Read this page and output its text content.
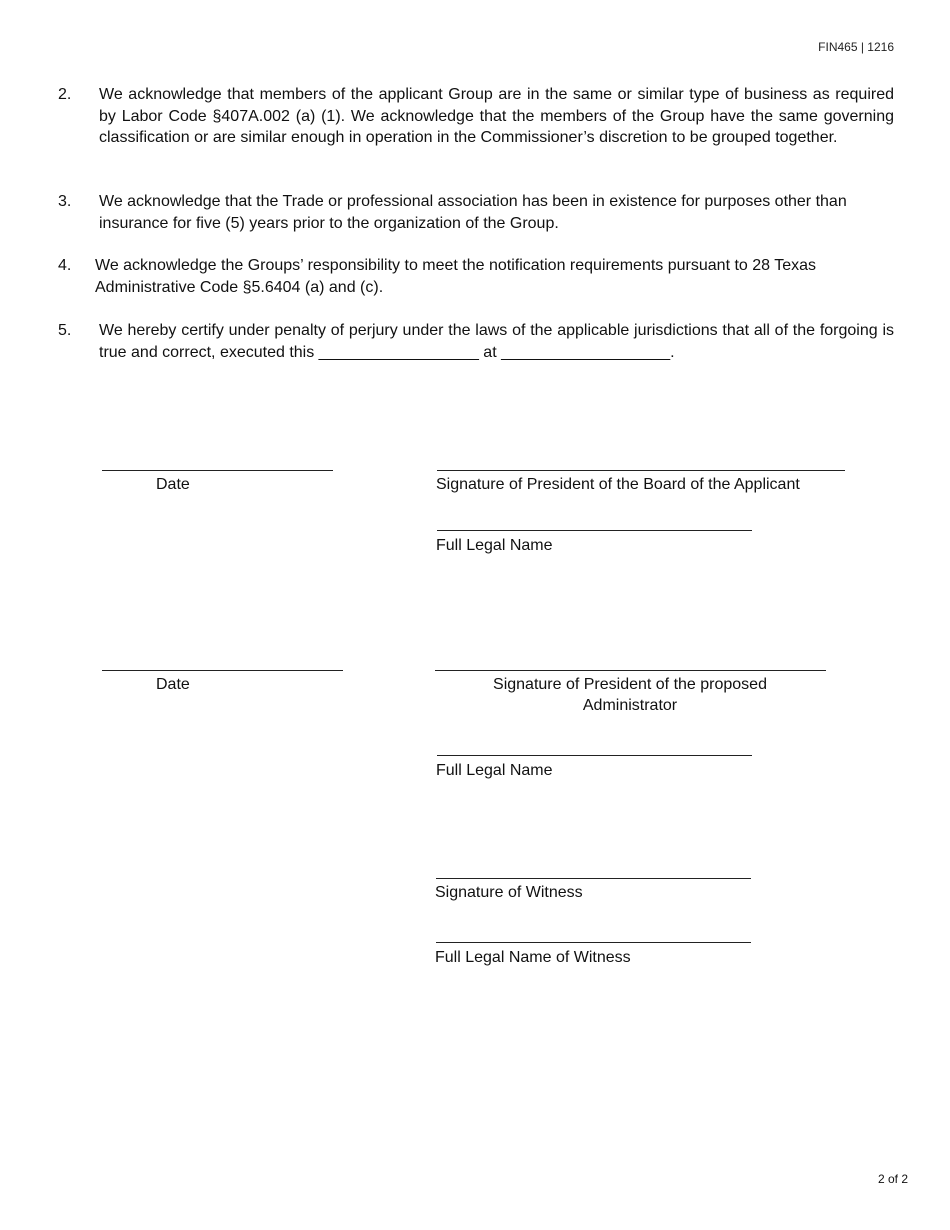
FIN465 | 1216
2. We acknowledge that members of the applicant Group are in the same or similar type of business as required by Labor Code §407A.002 (a) (1). We acknowledge that the members of the Group have the same governing classification or are similar enough in operation in the Commissioner’s discretion to be grouped together.
3. We acknowledge that the Trade or professional association has been in existence for purposes other than insurance for five (5) years prior to the organization of the Group.
4. We acknowledge the Groups’ responsibility to meet the notification requirements pursuant to 28 Texas Administrative Code §5.6404 (a) and (c).
5. We hereby certify under penalty of perjury under the laws of the applicable jurisdictions that all of the forgoing is true and correct, executed this __________________ at ___________________.
Date	Signature of President of the Board of the Applicant
Full Legal Name
Date	Signature of President of the proposed Administrator
Full Legal Name
Signature of Witness
Full Legal Name of Witness
2 of 2
